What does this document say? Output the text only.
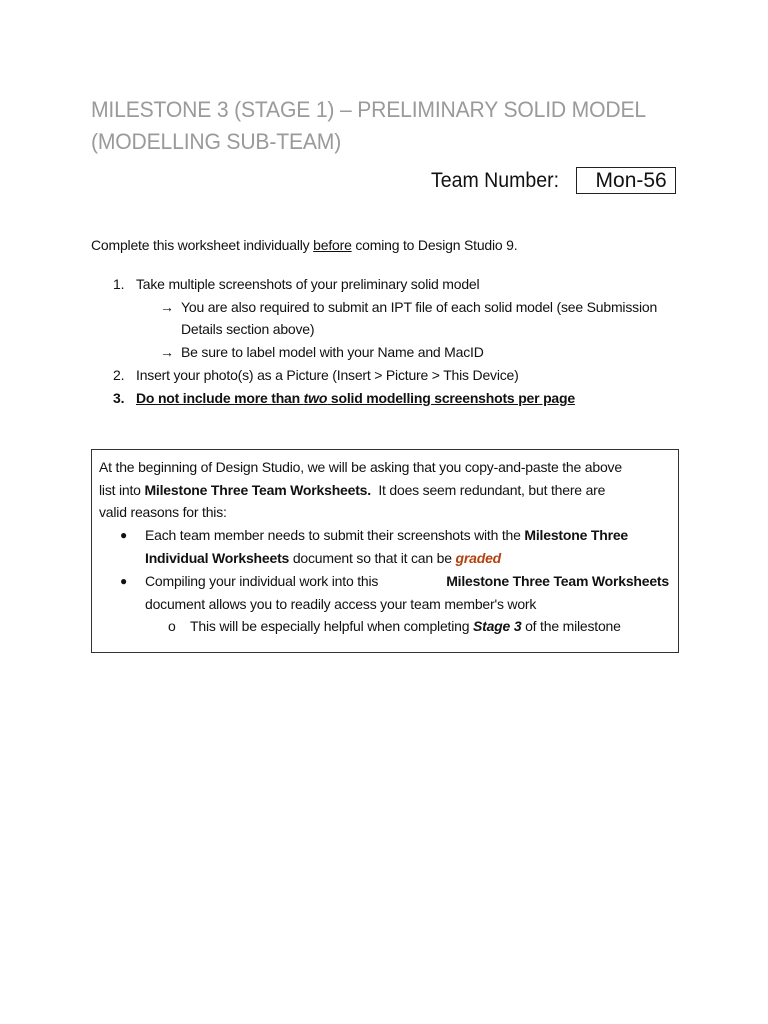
MILESTONE 3 (STAGE 1) – PRELIMINARY SOLID MODEL
(MODELLING SUB-TEAM)
Team Number:	Mon-56
Complete this worksheet individually before coming to Design Studio 9.
1. Take multiple screenshots of your preliminary solid model
→ You are also required to submit an IPT file of each solid model (see Submission
Details section above)
→ Be sure to label model with your Name and MacID
2. Insert your photo(s) as a Picture (Insert > Picture > This Device)
3. Do not include more than two solid modelling screenshots per page
At the beginning of Design Studio, we will be asking that you copy-and-paste the above
list into Milestone Three Team Worksheets.  It does seem redundant, but there are
valid reasons for this:
● Each team member needs to submit their screenshots with the Milestone Three
Individual Worksheets document so that it can be graded
● Compiling your individual work into this	Milestone Three Team Worksheets
document allows you to readily access your team member's work
o This will be especially helpful when completing Stage 3 of the milestone
